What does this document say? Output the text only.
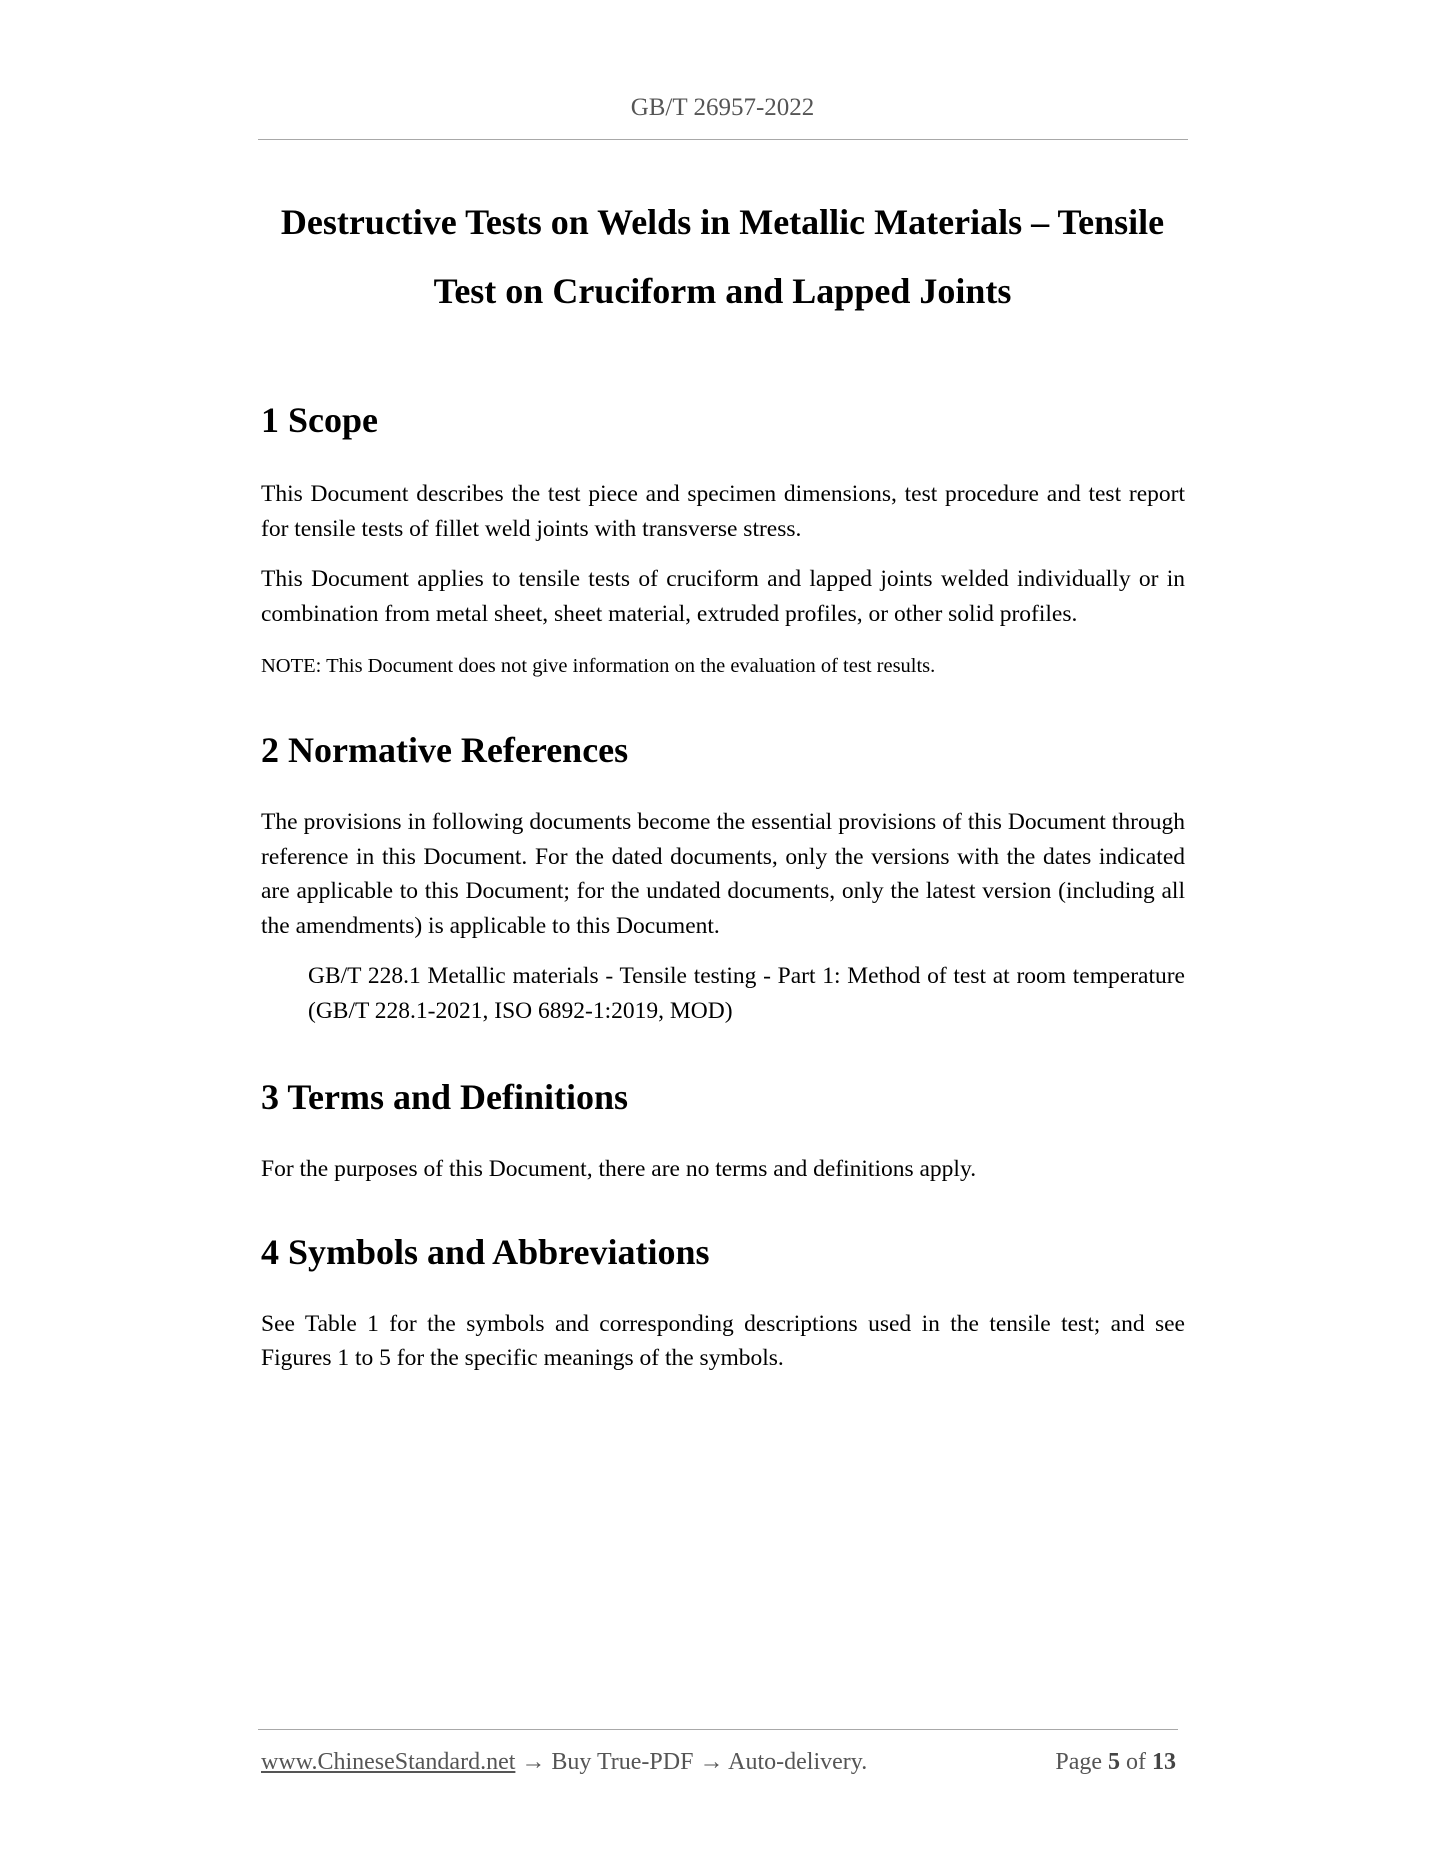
GB/T 26957-2022
Destructive Tests on Welds in Metallic Materials – Tensile
Test on Cruciform and Lapped Joints
1 Scope

This Document describes the test piece and specimen dimensions, test procedure and test report for tensile tests of fillet weld joints with transverse stress.

This Document applies to tensile tests of cruciform and lapped joints welded individually or in combination from metal sheet, sheet material, extruded profiles, or other solid profiles.

NOTE: This Document does not give information on the evaluation of test results.

2 Normative References

The provisions in following documents become the essential provisions of this Document through reference in this Document. For the dated documents, only the versions with the dates indicated are applicable to this Document; for the undated documents, only the latest version (including all the amendments) is applicable to this Document.

GB/T 228.1 Metallic materials - Tensile testing - Part 1: Method of test at room temperature (GB/T 228.1-2021, ISO 6892-1:2019, MOD)

3 Terms and Definitions

For the purposes of this Document, there are no terms and definitions apply.

4 Symbols and Abbreviations

See Table 1 for the symbols and corresponding descriptions used in the tensile test; and see Figures 1 to 5 for the specific meanings of the symbols.

www.ChineseStandard.net → Buy True-PDF → Auto-delivery.	Page 5 of 13
